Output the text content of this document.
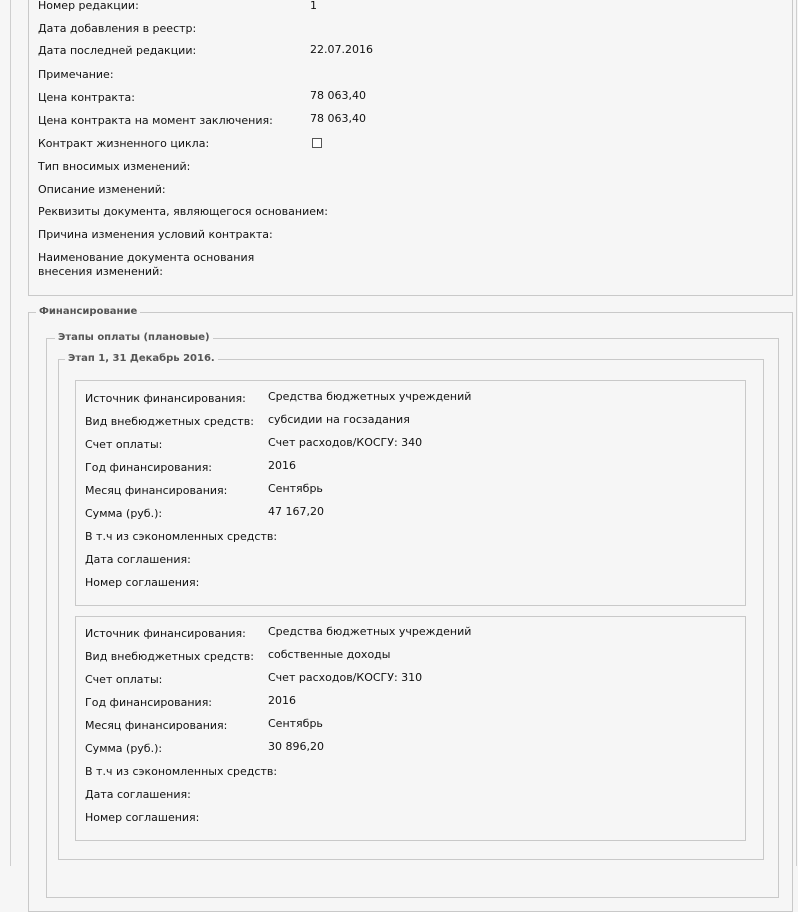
Номер редакции:	1
Дата добавления в реестр:
Дата последней редакции:	22.07.2016
Примечание:
Цена контракта:	78 063,40
Цена контракта на момент заключения:	78 063,40
Контракт жизненного цикла:
Тип вносимых изменений:
Описание изменений:
Реквизиты документа, являющегося основанием:
Причина изменения условий контракта:
Наименование документа основания внесения изменений:
Финансирование
Этапы оплаты (плановые)
Этап 1, 31 Декабрь 2016.
Источник финансирования:	Средства бюджетных учреждений
Вид внебюджетных средств:	субсидии на госзадания
Счет оплаты:	Счет расходов/КОСГУ: 340
Год финансирования:	2016
Месяц финансирования:	Сентябрь
Сумма (руб.):	47 167,20
В т.ч из сэкономленных средств:
Дата соглашения:
Номер соглашения:
Источник финансирования:	Средства бюджетных учреждений
Вид внебюджетных средств:	собственные доходы
Счет оплаты:	Счет расходов/КОСГУ: 310
Год финансирования:	2016
Месяц финансирования:	Сентябрь
Сумма (руб.):	30 896,20
В т.ч из сэкономленных средств:
Дата соглашения:
Номер соглашения:
